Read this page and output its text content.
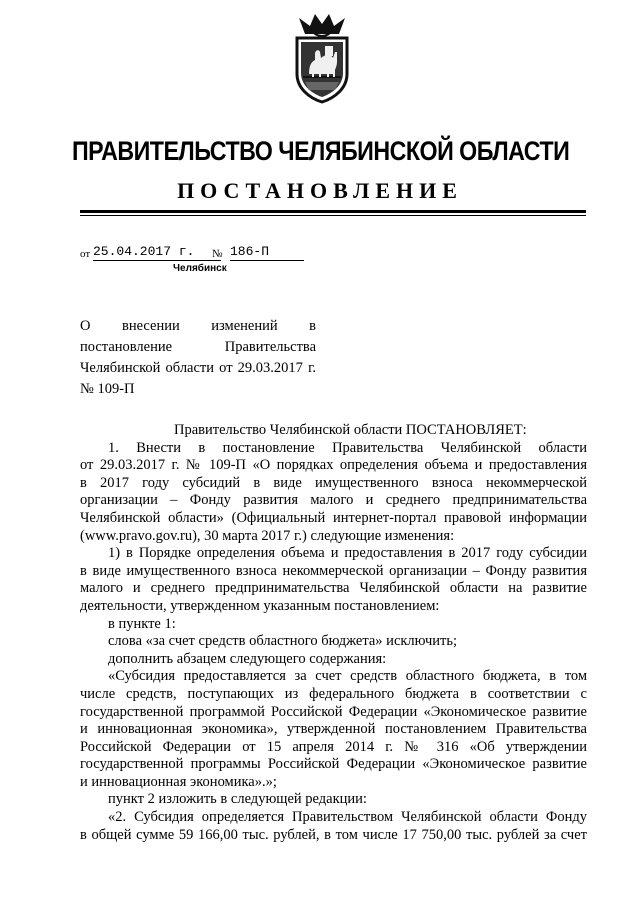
ПРАВИТЕЛЬСТВО ЧЕЛЯБИНСКОЙ ОБЛАСТИ
ПОСТАНОВЛЕНИЕ
от 25.04.2017 г.	№ 186-П
Челябинск
О внесении изменений в
постановление Правительства
Челябинской области от 29.03.2017 г.
№ 109-П

Правительство Челябинской области ПОСТАНОВЛЯЕТ:

1. Внести в постановление Правительства Челябинской области
от 29.03.2017 г. № 109-П «О порядках определения объема и предоставления
в 2017 году субсидий в виде имущественного взноса некоммерческой
организации – Фонду развития малого и среднего предпринимательства
Челябинской области» (Официальный интернет-портал правовой информации
(www.pravo.gov.ru), 30 марта 2017 г.) следующие изменения:
1) в Порядке определения объема и предоставления в 2017 году субсидии
в виде имущественного взноса некоммерческой организации – Фонду развития
малого и среднего предпринимательства Челябинской области на развитие
деятельности, утвержденном указанным постановлением:
в пункте 1:
слова «за счет средств областного бюджета» исключить;
дополнить абзацем следующего содержания:
«Субсидия предоставляется за счет средств областного бюджета, в том
числе средств, поступающих из федерального бюджета в соответствии с
государственной программой Российской Федерации «Экономическое развитие
и инновационная экономика», утвержденной постановлением Правительства
Российской Федерации от 15 апреля 2014 г. № 316 «Об утверждении
государственной программы Российской Федерации «Экономическое развитие
и инновационная экономика».»;
пункт 2 изложить в следующей редакции:
«2. Субсидия определяется Правительством Челябинской области Фонду
в общей сумме 59 166,00 тыс. рублей, в том числе 17 750,00 тыс. рублей за счет
